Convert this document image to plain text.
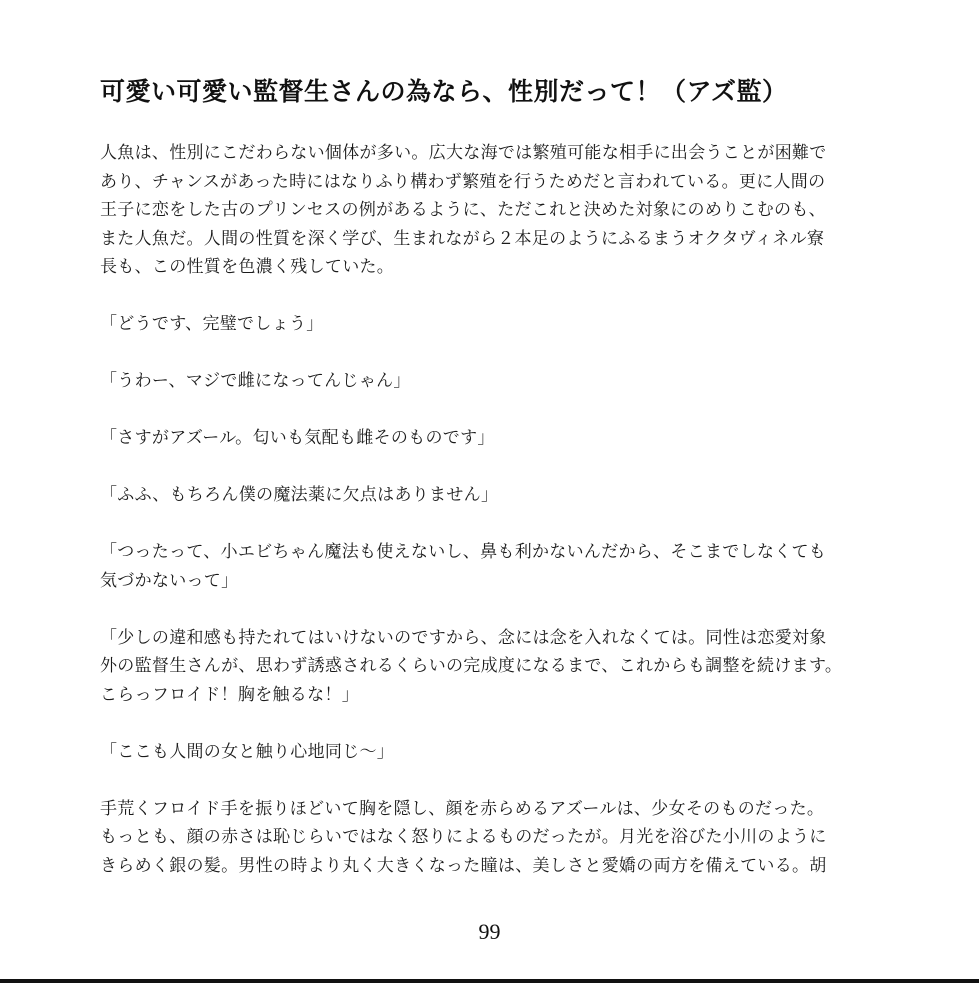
可愛い可愛い監督生さんの為なら、性別だって！（アズ監）

人魚は、性別にこだわらない個体が多い。広大な海では繁殖可能な相手に出会うことが困難で
あり、チャンスがあった時にはなりふり構わず繁殖を行うためだと言われている。更に人間の
王子に恋をした古のプリンセスの例があるように、ただこれと決めた対象にのめりこむのも、
また人魚だ。人間の性質を深く学び、生まれながら２本足のようにふるまうオクタヴィネル寮
長も、この性質を色濃く残していた。

「どうです、完璧でしょう」

「うわー、マジで雌になってんじゃん」

「さすがアズール。匂いも気配も雌そのものです」

「ふふ、もちろん僕の魔法薬に欠点はありません」

「つったって、小エビちゃん魔法も使えないし、鼻も利かないんだから、そこまでしなくても
気づかないって」

「少しの違和感も持たれてはいけないのですから、念には念を入れなくては。同性は恋愛対象
外の監督生さんが、思わず誘惑されるくらいの完成度になるまで、これからも調整を続けます。
こらっフロイド！胸を触るな！」

「ここも人間の女と触り心地同じ〜」

手荒くフロイド手を振りほどいて胸を隠し、顔を赤らめるアズールは、少女そのものだった。
もっとも、顔の赤さは恥じらいではなく怒りによるものだったが。月光を浴びた小川のように
きらめく銀の髪。男性の時より丸く大きくなった瞳は、美しさと愛嬌の両方を備えている。胡

99
